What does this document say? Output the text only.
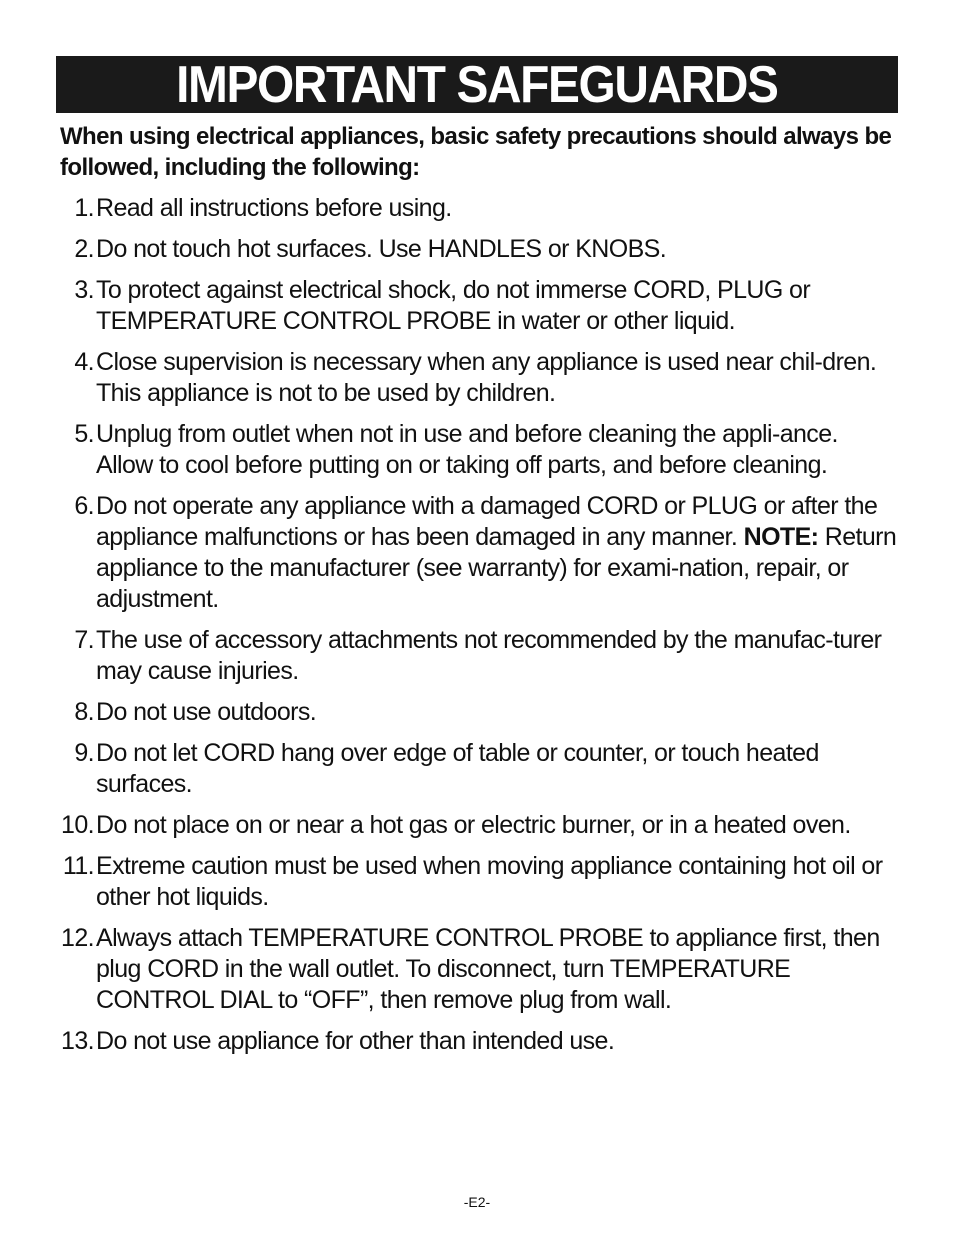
IMPORTANT SAFEGUARDS
When using electrical appliances, basic safety precautions should always be followed, including the following:
1. Read all instructions before using.
2. Do not touch hot surfaces. Use HANDLES or KNOBS.
3. To protect against electrical shock, do not immerse CORD, PLUG or TEMPERATURE CONTROL PROBE in water or other liquid.
4. Close supervision is necessary when any appliance is used near chil-dren. This appliance is not to be used by children.
5. Unplug from outlet when not in use and before cleaning the appli-ance. Allow to cool before putting on or taking off parts, and before cleaning.
6. Do not operate any appliance with a damaged CORD or PLUG or after the appliance malfunctions or has been damaged in any manner. NOTE: Return appliance to the manufacturer (see warranty) for exami-nation, repair, or adjustment.
7. The use of accessory attachments not recommended by the manufac-turer may cause injuries.
8. Do not use outdoors.
9. Do not let CORD hang over edge of table or counter, or touch heated surfaces.
10. Do not place on or near a hot gas or electric burner, or in a heated oven.
11. Extreme caution must be used when moving appliance containing hot oil or other hot liquids.
12. Always attach TEMPERATURE CONTROL PROBE to appliance first, then plug CORD in the wall outlet. To disconnect, turn TEMPERATURE CONTROL DIAL to “OFF”, then remove plug from wall.
13. Do not use appliance for other than intended use.
-E2-
